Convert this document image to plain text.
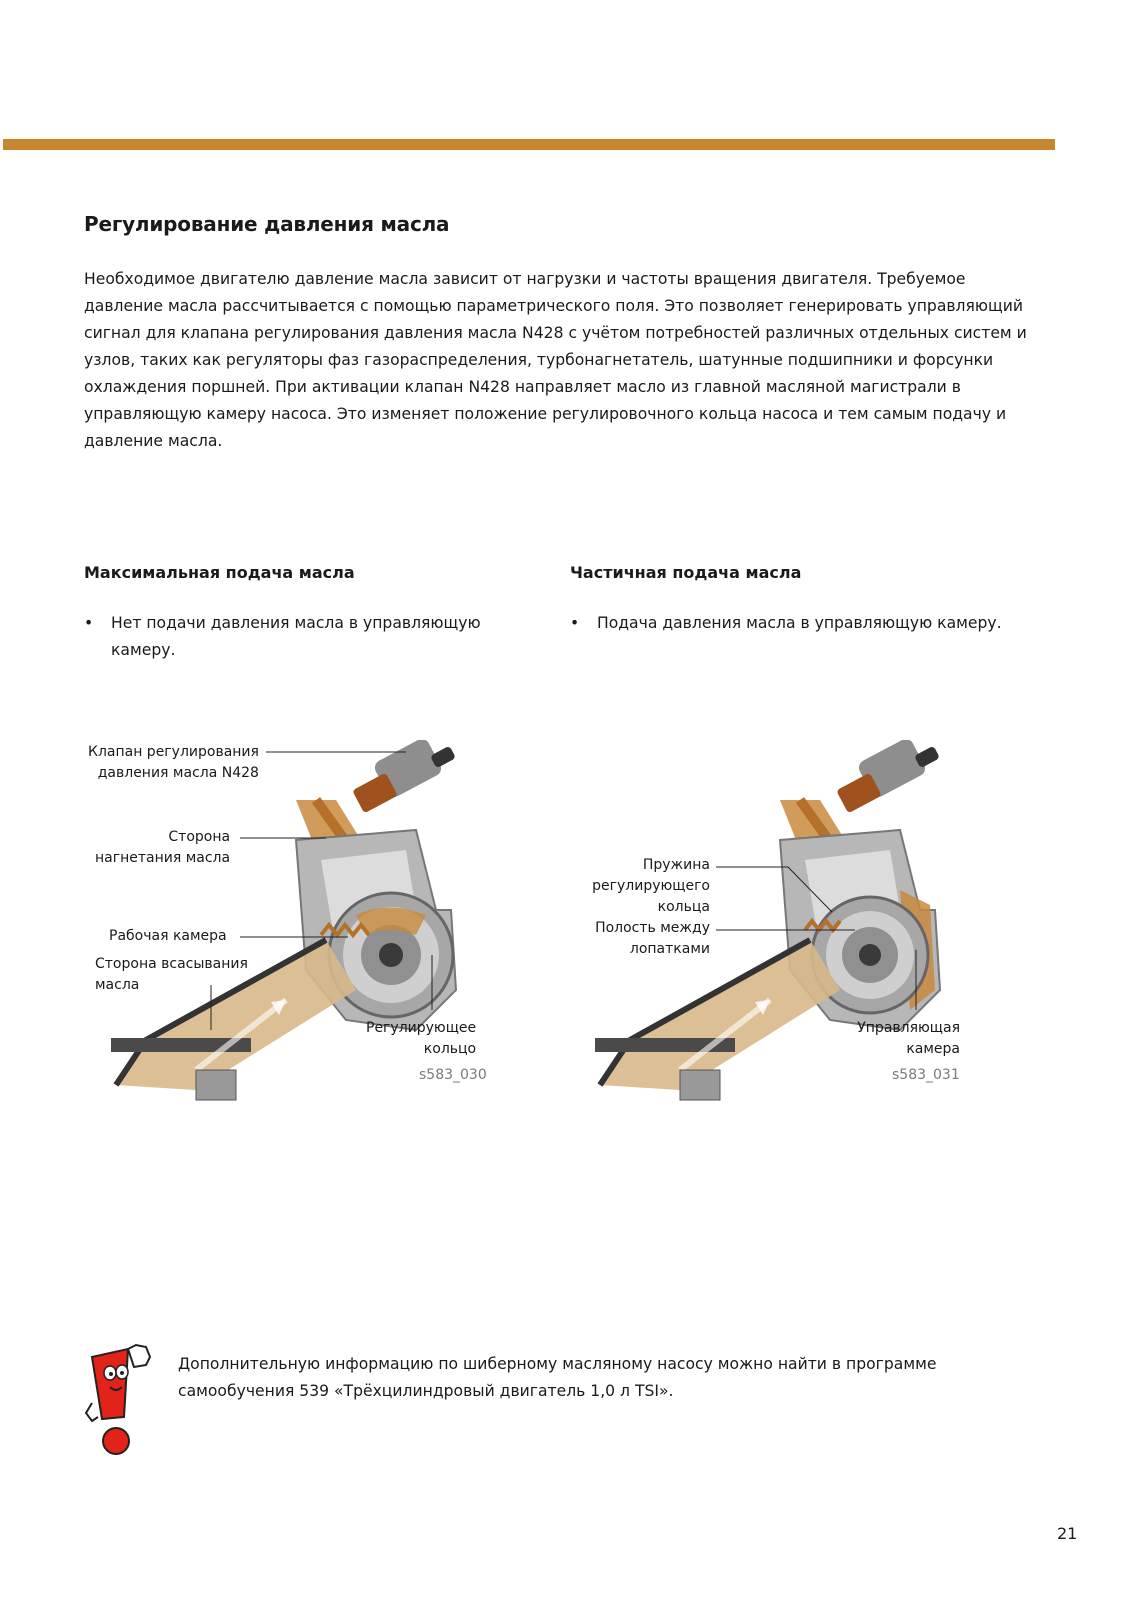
Регулирование давления масла

Необходимое двигателю давление масла зависит от нагрузки и частоты вращения двигателя. Требуемое давление масла рассчитывается с помощью параметрического поля. Это позволяет генерировать управляющий сигнал для клапана регулирования давления масла N428 с учётом потребностей различных отдельных систем и узлов, таких как регуляторы фаз газораспределения, турбонагнетатель, шатунные подшипники и форсунки охлаждения поршней. При активации клапан N428 направляет масло из главной масляной магистрали в управляющую камеру насоса. Это изменяет положение регулировочного кольца насоса и тем самым подачу и давление масла.

Максимальная подача масла
• Нет подачи давления масла в управляющую камеру.
Частичная подача масла
• Подача давления масла в управляющую камеру.
Клапан регулирования
давления масла N428
Сторона
нагнетания масла
Рабочая камера
Сторона всасывания
масла
Регулирующее
кольцо
s583_030
Пружина
регулирующего
кольца
Полость между
лопатками
Управляющая
камера
s583_031

Дополнительную информацию по шиберному масляному насосу можно найти в программе самообучения 539 «Трёхцилиндровый двигатель 1,0 л TSI».

21
